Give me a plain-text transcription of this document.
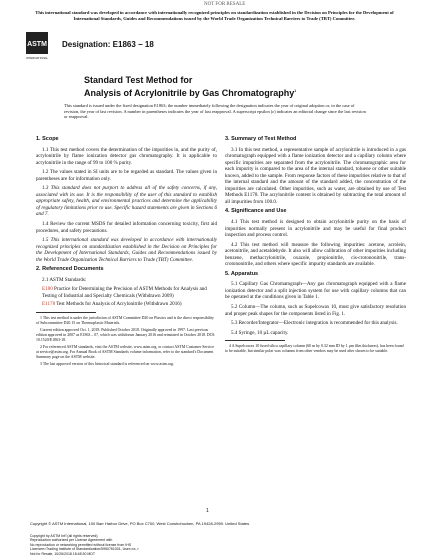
NOT FOR RESALE
This international standard was developed in accordance with internationally recognized principles on standardization established in the Decision on Principles for the Development of International Standards, Guides and Recommendations issued by the World Trade Organization Technical Barriers to Trade (TBT) Committee.
ASTM
INTERNATIONAL
Designation: E1863 − 18
Standard Test Method for
Analysis of Acrylonitrile by Gas Chromatography$^1$
This standard is issued under the fixed designation E1863; the number immediately following the designation indicates the year of original adoption or, in the case of revision, the year of last revision. A number in parentheses indicates the year of last reapproval. A superscript epsilon (ε) indicates an editorial change since the last revision or reapproval.
1. Scope

1.1 This test method covers the determination of the impurities in, and the purity of, acrylonitrile by flame ionization detector gas chromatography. It is applicable to acrylonitrile in the range of 99 to 100 % purity.

1.2 The values stated in SI units are to be regarded as standard. The values given in parentheses are for information only.

1.3 This standard does not purport to address all of the safety concerns, if any, associated with its use. It is the responsibility of the user of this standard to establish appropriate safety, health, and environmental practices and determine the applicability of regulatory limitations prior to use. Specific hazard statements are given in Sections 6 and 7.

1.4 Review the current MSDS for detailed information concerning toxicity, first aid procedures, and safety precautions.

1.5 This international standard was developed in accordance with internationally recognized principles on standardization established in the Decision on Principles for the Development of International Standards, Guides and Recommendations issued by the World Trade Organization Technical Barriers to Trade (TBT) Committee.

2. Referenced Documents

2.1 ASTM Standards:

E180 Practice for Determining the Precision of ASTM Methods for Analysis and Testing of Industrial and Specialty Chemicals (Withdrawn 2009)

E1178 Test Methods for Analysis of Acrylonitrile (Withdrawn 2016)

1 This test method is under the jurisdiction of ASTM Committee D20 on Plastics and is the direct responsibility of Subcommittee D20.15 on Thermoplastic Materials.

Current edition approved Oct. 1, 2018. Published October 2018. Originally approved in 1997. Last previous edition approved in 2007 as E1863 – 07, which was withdrawn January 2016 and reinstated in October 2018. DOI: 10.1520/E1863-18.

2 For referenced ASTM standards, visit the ASTM website, www.astm.org, or contact ASTM Customer Service at service@astm.org. For Annual Book of ASTM Standards volume information, refer to the standard's Document Summary page on the ASTM website.

3 The last approved version of this historical standard is referenced on www.astm.org.

3. Summary of Test Method

3.1 In this test method, a representative sample of acrylonitrile is introduced in a gas chromatograph equipped with a flame ionization detector and a capillary column where specific impurities are separated from the acrylonitrile. The chromatographic area for each impurity is compared to the area of the internal standard, toluene or other suitable known, added to the sample. From response factors of these impurities relative to that of the internal standard and the amount of the standard added, the concentration of the impurities are calculated. Other impurities, such as water, are obtained by use of Test Methods E1178. The acrylonitrile content is obtained by subtracting the total amount of all impurities from 100.0.

4. Significance and Use

4.1 This test method is designed to obtain acrylonitrile purity on the basis of impurities normally present in acrylonitrile and may be useful for final product inspection and process control.

4.2 This test method will measure the following impurities: acetone, acrolein, acetonitrile, and acetaldehyde. It also will allow calibration of other impurities including benzene, methacrylonitrile, oxazole, propionitrile, cis-crotononitrile, trans-crotononitrile, and others where specific impurity standards are available.

5. Apparatus

5.1 Capillary Gas Chromatograph—Any gas chromatograph equipped with a flame ionization detector and a split injection system for use with capillary columns that can be operated at the conditions given in Table 1.

5.2 Column—The column, such as Supelcowax 10, must give satisfactory resolution and proper peak shapes for the components listed in Fig. 1.

5.3 Recorder/Integrator—Electronic integration is recommended for this analysis.

5.4 Syringe, 10 µL capacity.

4 A Supelcowax 10 fused silica capillary column (60 m by 0.32 mm ID by 1 µm film thickness), has been found to be suitable, but similar polar wax columns from other vendors may be used after shown to be suitable.

1
Copyright © ASTM International, 100 Barr Harbor Drive, PO Box C700, West Conshohocken, PA 19428-2959. United States
Copyright by ASTM Int'l (all rights reserved);
Reproduction authorized per License Agreement with
No reproduction or networking permitted without license from IHS
Licensee=Trading Institute of Standardization/5950761001, User=xx, r
Not for Resale, 10/26/2018 18:48:30 MDT
